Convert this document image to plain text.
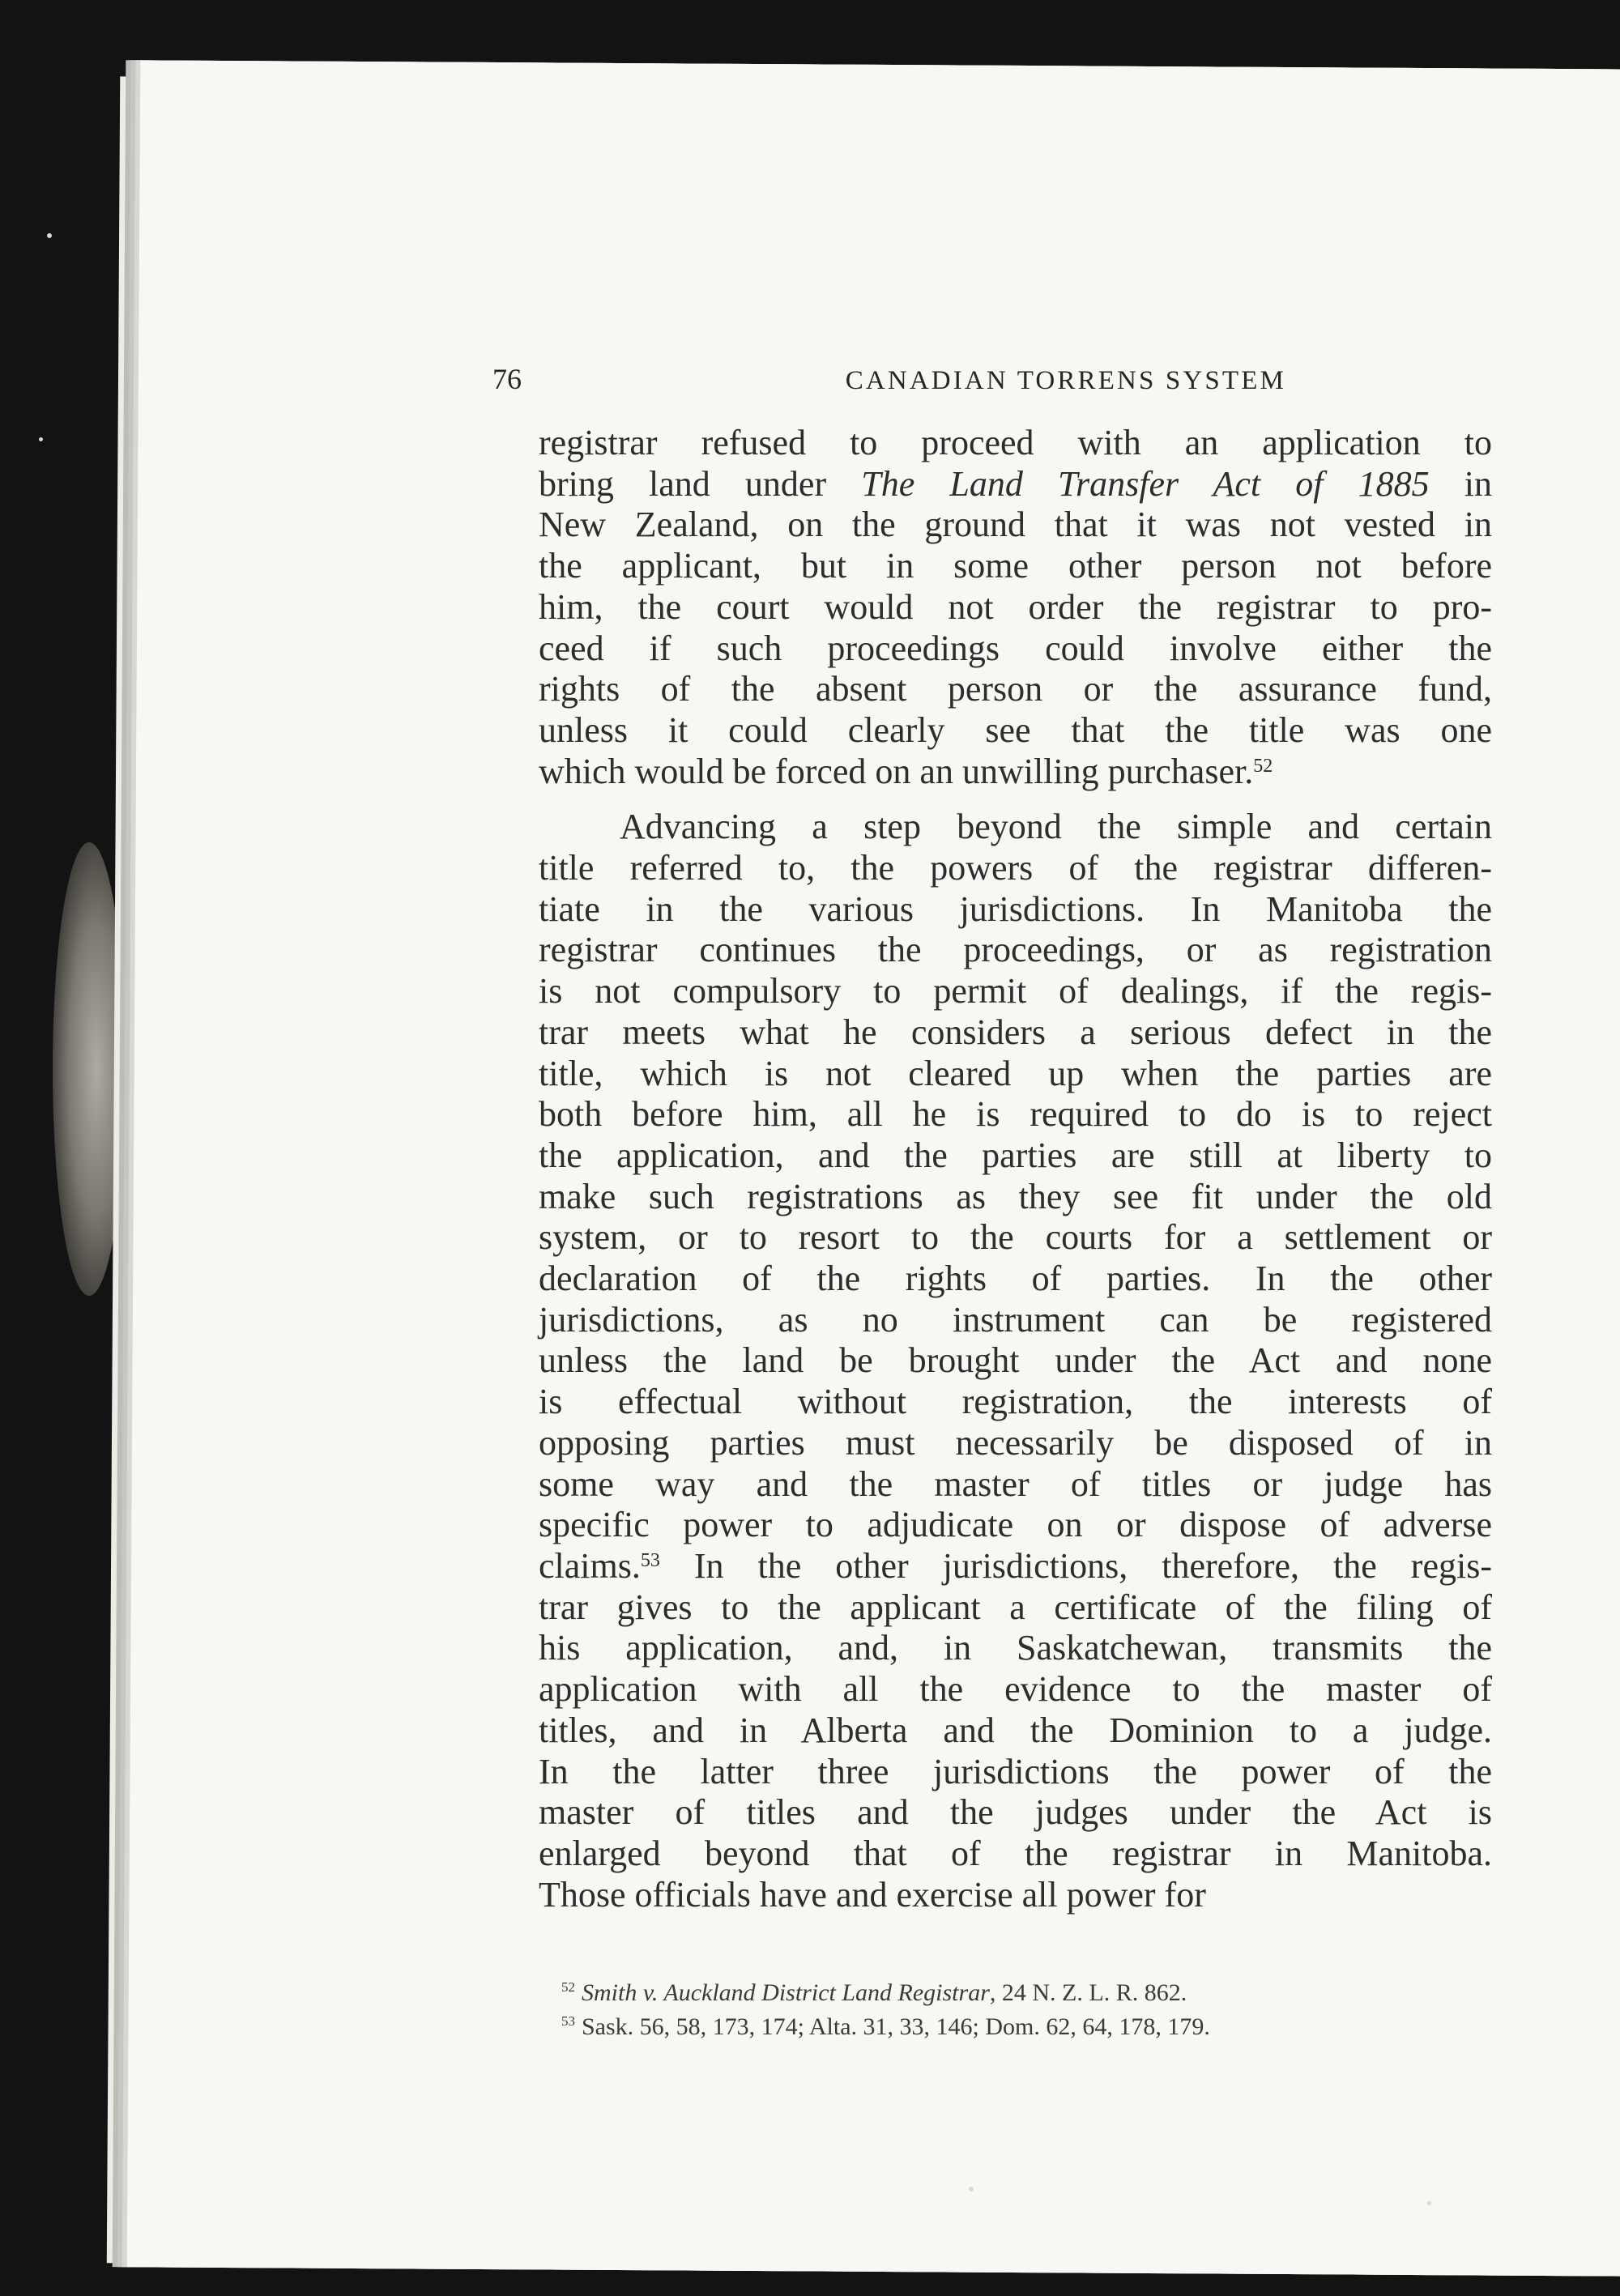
76	CANADIAN TORRENS SYSTEM
registrar refused to proceed with an application to
bring land under The Land Transfer Act of 1885 in
New Zealand, on the ground that it was not vested in
the applicant, but in some other person not before
him, the court would not order the registrar to pro-
ceed if such proceedings could involve either the
rights of the absent person or the assurance fund,
unless it could clearly see that the title was one
which would be forced on an unwilling purchaser.$^{52}$
Advancing a step beyond the simple and certain
title referred to, the powers of the registrar differen-
tiate in the various jurisdictions. In Manitoba the
registrar continues the proceedings, or as registration
is not compulsory to permit of dealings, if the regis-
trar meets what he considers a serious defect in the
title, which is not cleared up when the parties are
both before him, all he is required to do is to reject
the application, and the parties are still at liberty to
make such registrations as they see fit under the old
system, or to resort to the courts for a settlement or
declaration of the rights of parties. In the other
jurisdictions, as no instrument can be registered
unless the land be brought under the Act and none
is effectual without registration, the interests of
opposing parties must necessarily be disposed of in
some way and the master of titles or judge has
specific power to adjudicate on or dispose of adverse
claims.$^{53}$ In the other jurisdictions, therefore, the regis-
trar gives to the applicant a certificate of the filing of
his application, and, in Saskatchewan, transmits the
application with all the evidence to the master of
titles, and in Alberta and the Dominion to a judge.
In the latter three jurisdictions the power of the
master of titles and the judges under the Act is
enlarged beyond that of the registrar in Manitoba.
Those officials have and exercise all power for
$^{52}$ Smith v. Auckland District Land Registrar, 24 N. Z. L. R. 862.
$^{53}$ Sask. 56, 58, 173, 174; Alta. 31, 33, 146; Dom. 62, 64, 178, 179.
